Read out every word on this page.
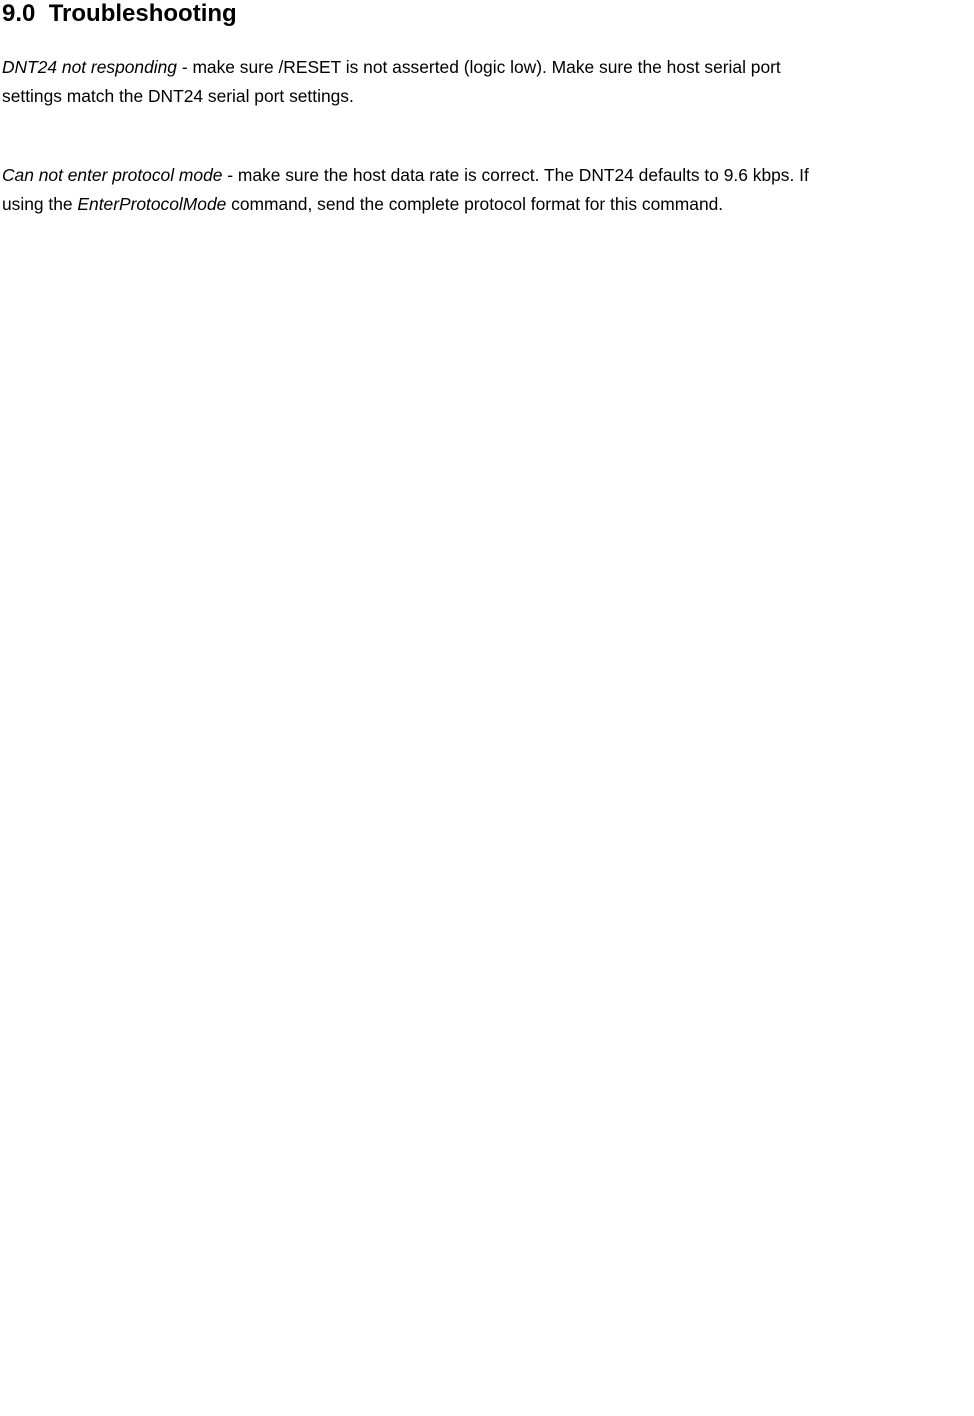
9.0  Troubleshooting

DNT24 not responding - make sure /RESET is not asserted (logic low). Make sure the host serial port
settings match the DNT24 serial port settings.

Can not enter protocol mode - make sure the host data rate is correct. The DNT24 defaults to 9.6 kbps. If
using the EnterProtocolMode command, send the complete protocol format for this command.
